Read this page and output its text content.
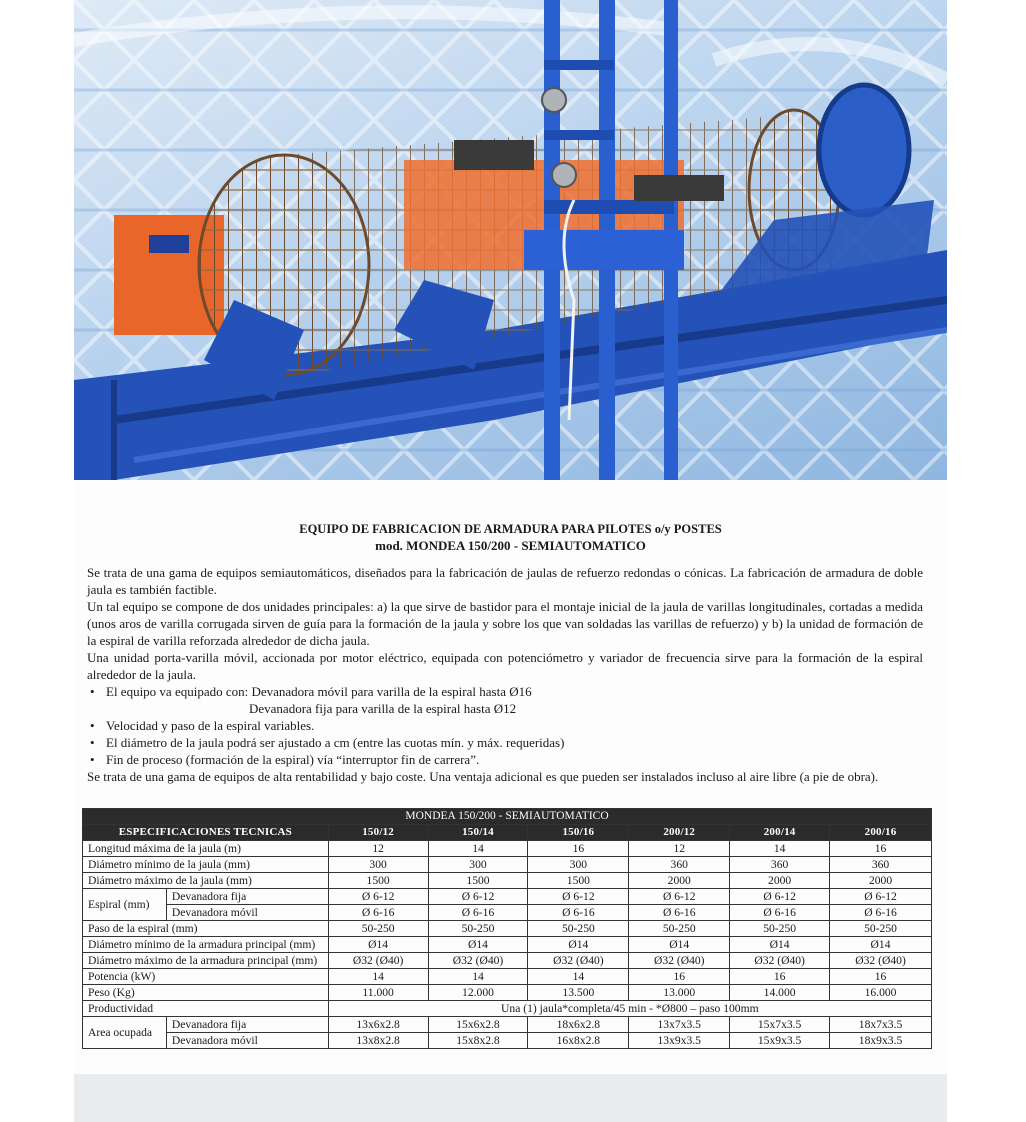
EQUIPO DE FABRICACION DE ARMADURA PARA PILOTES o/y POSTES
mod. MONDEA 150/200 - SEMIAUTOMATICO

Se trata de una gama de equipos semiautomáticos, diseñados para la fabricación de jaulas de refuerzo redondas o cónicas. La fabricación de armadura de doble jaula es también factible.

Un tal equipo se compone de dos unidades principales: a) la que sirve de bastidor para el montaje inicial de la jaula de varillas longitudinales, cortadas a medida (unos aros de varilla corrugada sirven de guía para la formación de la jaula y sobre los que van soldadas las varillas de refuerzo) y b) la unidad de formación de la espiral de varilla reforzada alrededor de dicha jaula.

Una unidad porta-varilla móvil, accionada por motor eléctrico, equipada con potenciómetro y variador de frecuencia sirve para la formación de la espiral alrededor de la jaula.

• El equipo va equipado con: Devanadora móvil para varilla de la espiral hasta Ø16
Devanadora fija para varilla de la espiral hasta Ø12
• Velocidad y paso de la espiral variables.
• El diámetro de la jaula podrá ser ajustado a cm (entre las cuotas mín. y máx. requeridas)
• Fin de proceso (formación de la espiral) vía “interruptor fin de carrera”.

Se trata de una gama de equipos de alta rentabilidad y bajo coste. Una ventaja adicional es que pueden ser instalados incluso al aire libre (a pie de obra).

MONDEA 150/200 - SEMIAUTOMATICO							
ESPECIFICACIONES TECNICAS		150/12	150/14	150/16	200/12	200/14	200/16
Longitud máxima de la jaula (m)		12	14	16	12	14	16
Diámetro mínimo de la jaula (mm)		300	300	300	360	360	360
Diámetro máximo de la jaula (mm)		1500	1500	1500	2000	2000	2000
Espiral (mm)	Devanadora fija	Ø 6-12	Ø 6-12	Ø 6-12	Ø 6-12	Ø 6-12	Ø 6-12
	Devanadora móvil	Ø 6-16	Ø 6-16	Ø 6-16	Ø 6-16	Ø 6-16	Ø 6-16
Paso de la espiral (mm)		50-250	50-250	50-250	50-250	50-250	50-250
Diámetro mínimo de la armadura principal (mm)		Ø14	Ø14	Ø14	Ø14	Ø14	Ø14
Diámetro máximo de la armadura principal (mm)		Ø32 (Ø40)	Ø32 (Ø40)	Ø32 (Ø40)	Ø32 (Ø40)	Ø32 (Ø40)	Ø32 (Ø40)
Potencia (kW)		14	14	14	16	16	16
Peso (Kg)		11.000	12.000	13.500	13.000	14.000	16.000
Productividad		Una (1) jaula*completa/45 min - *Ø800 – paso 100mm					
Area ocupada	Devanadora fija	13x6x2.8	15x6x2.8	18x6x2.8	13x7x3.5	15x7x3.5	18x7x3.5
	Devanadora móvil	13x8x2.8	15x8x2.8	16x8x2.8	13x9x3.5	15x9x3.5	18x9x3.5
